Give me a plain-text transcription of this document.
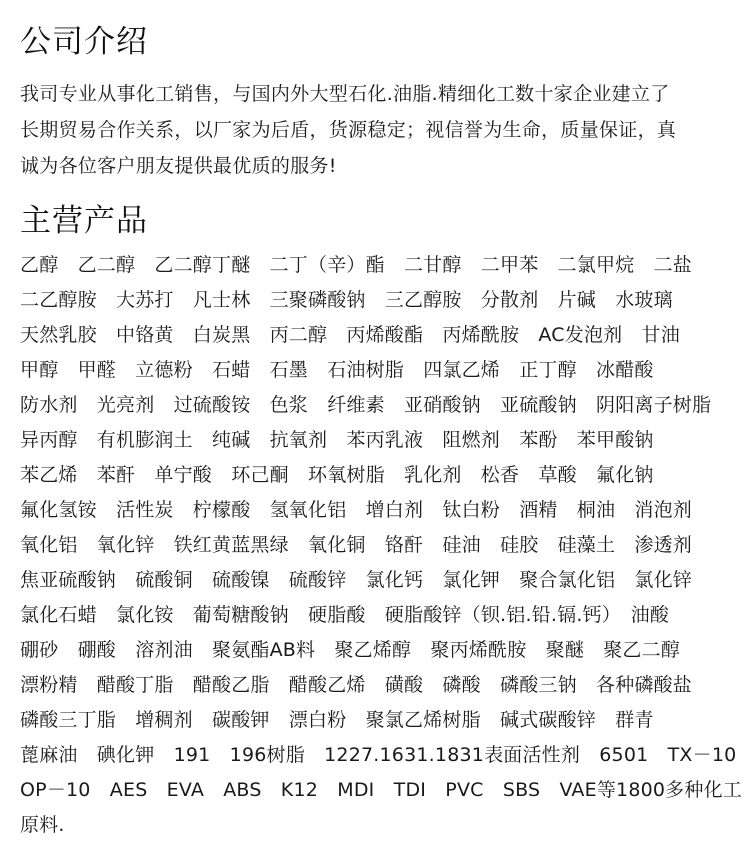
公司介绍
我司专业从事化工销售，与国内外大型石化.油脂.精细化工数十家企业建立了
长期贸易合作关系，以厂家为后盾，货源稳定；视信誉为生命，质量保证，真
诚为各位客户朋友提供最优质的服务!
主营产品
乙醇　乙二醇　乙二醇丁醚　二丁（辛）酯　二甘醇　二甲苯　二氯甲烷　二盐
二乙醇胺　大苏打　凡士林　三聚磷酸钠　三乙醇胺　分散剂　片碱　水玻璃
天然乳胶　中铬黄　白炭黑　丙二醇　丙烯酸酯　丙烯酰胺　AC发泡剂　甘油
甲醇　甲醛　立德粉　石蜡　石墨　石油树脂　四氯乙烯　正丁醇　冰醋酸
防水剂　光亮剂　过硫酸铵　色浆　纤维素　亚硝酸钠　亚硫酸钠　阴阳离子树脂
异丙醇　有机膨润土　纯碱　抗氧剂　苯丙乳液　阻燃剂　苯酚　苯甲酸钠
苯乙烯　苯酐　单宁酸　环己酮　环氧树脂　乳化剂　松香　草酸　氟化钠
氟化氢铵　活性炭　柠檬酸　氢氧化铝　增白剂　钛白粉　酒精　桐油　消泡剂
氧化铝　氧化锌　铁红黄蓝黑绿　氧化铜　铬酐　硅油　硅胶　硅藻土　渗透剂
焦亚硫酸钠　硫酸铜　硫酸镍　硫酸锌　氯化钙　氯化钾　聚合氯化铝　氯化锌
氯化石蜡　氯化铵　葡萄糖酸钠　硬脂酸　硬脂酸锌（钡.铝.铅.镉.钙）　油酸
硼砂　硼酸　溶剂油　聚氨酯AB料　聚乙烯醇　聚丙烯酰胺　聚醚　聚乙二醇
漂粉精　醋酸丁脂　醋酸乙脂　醋酸乙烯　磺酸　磷酸　磷酸三钠　各种磷酸盐
磷酸三丁脂　增稠剂　碳酸钾　漂白粉　聚氯乙烯树脂　碱式碳酸锌　群青
蓖麻油　碘化钾　191　196树脂　1227.1631.1831表面活性剂　6501　TX－10
OP－10　AES　EVA　ABS　K12　MDI　TDI　PVC　SBS　VAE等1800多种化工
原料.
